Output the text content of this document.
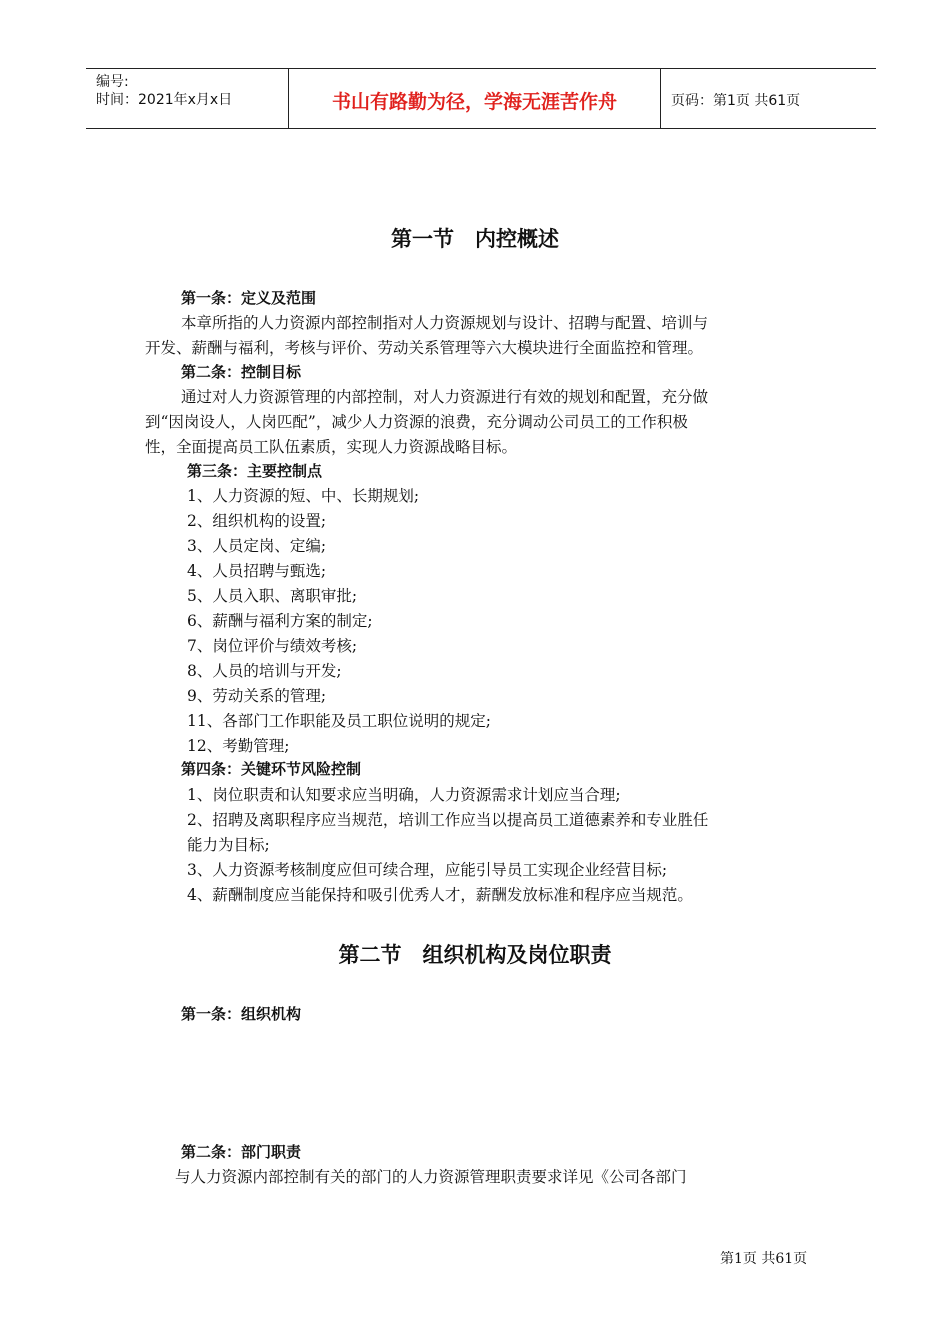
编号:
时间：2021年x月x日	书山有路勤为径，学海无涯苦作舟	页码：第1页 共61页
第一节　内控概述
第一条：定义及范围
本章所指的人力资源内部控制指对人力资源规划与设计、招聘与配置、培训与
开发、薪酬与福利，考核与评价、劳动关系管理等六大模块进行全面监控和管理。
第二条：控制目标
通过对人力资源管理的内部控制，对人力资源进行有效的规划和配置，充分做
到“因岗设人，人岗匹配”，减少人力资源的浪费，充分调动公司员工的工作积极
性，全面提高员工队伍素质，实现人力资源战略目标。
第三条：主要控制点
1、人力资源的短、中、长期规划;
2、组织机构的设置;
3、人员定岗、定编;
4、人员招聘与甄选;
5、人员入职、离职审批;
6、薪酬与福利方案的制定;
7、岗位评价与绩效考核;
8、人员的培训与开发;
9、劳动关系的管理;
11、各部门工作职能及员工职位说明的规定;
12、考勤管理;
第四条：关键环节风险控制
1、岗位职责和认知要求应当明确，人力资源需求计划应当合理;
2、招聘及离职程序应当规范，培训工作应当以提高员工道德素养和专业胜任
能力为目标;
3、人力资源考核制度应但可续合理，应能引导员工实现企业经营目标;
4、薪酬制度应当能保持和吸引优秀人才，薪酬发放标准和程序应当规范。
第二节　组织机构及岗位职责
第一条：组织机构
第二条：部门职责
与人力资源内部控制有关的部门的人力资源管理职责要求详见《公司各部门
第1页 共61页
